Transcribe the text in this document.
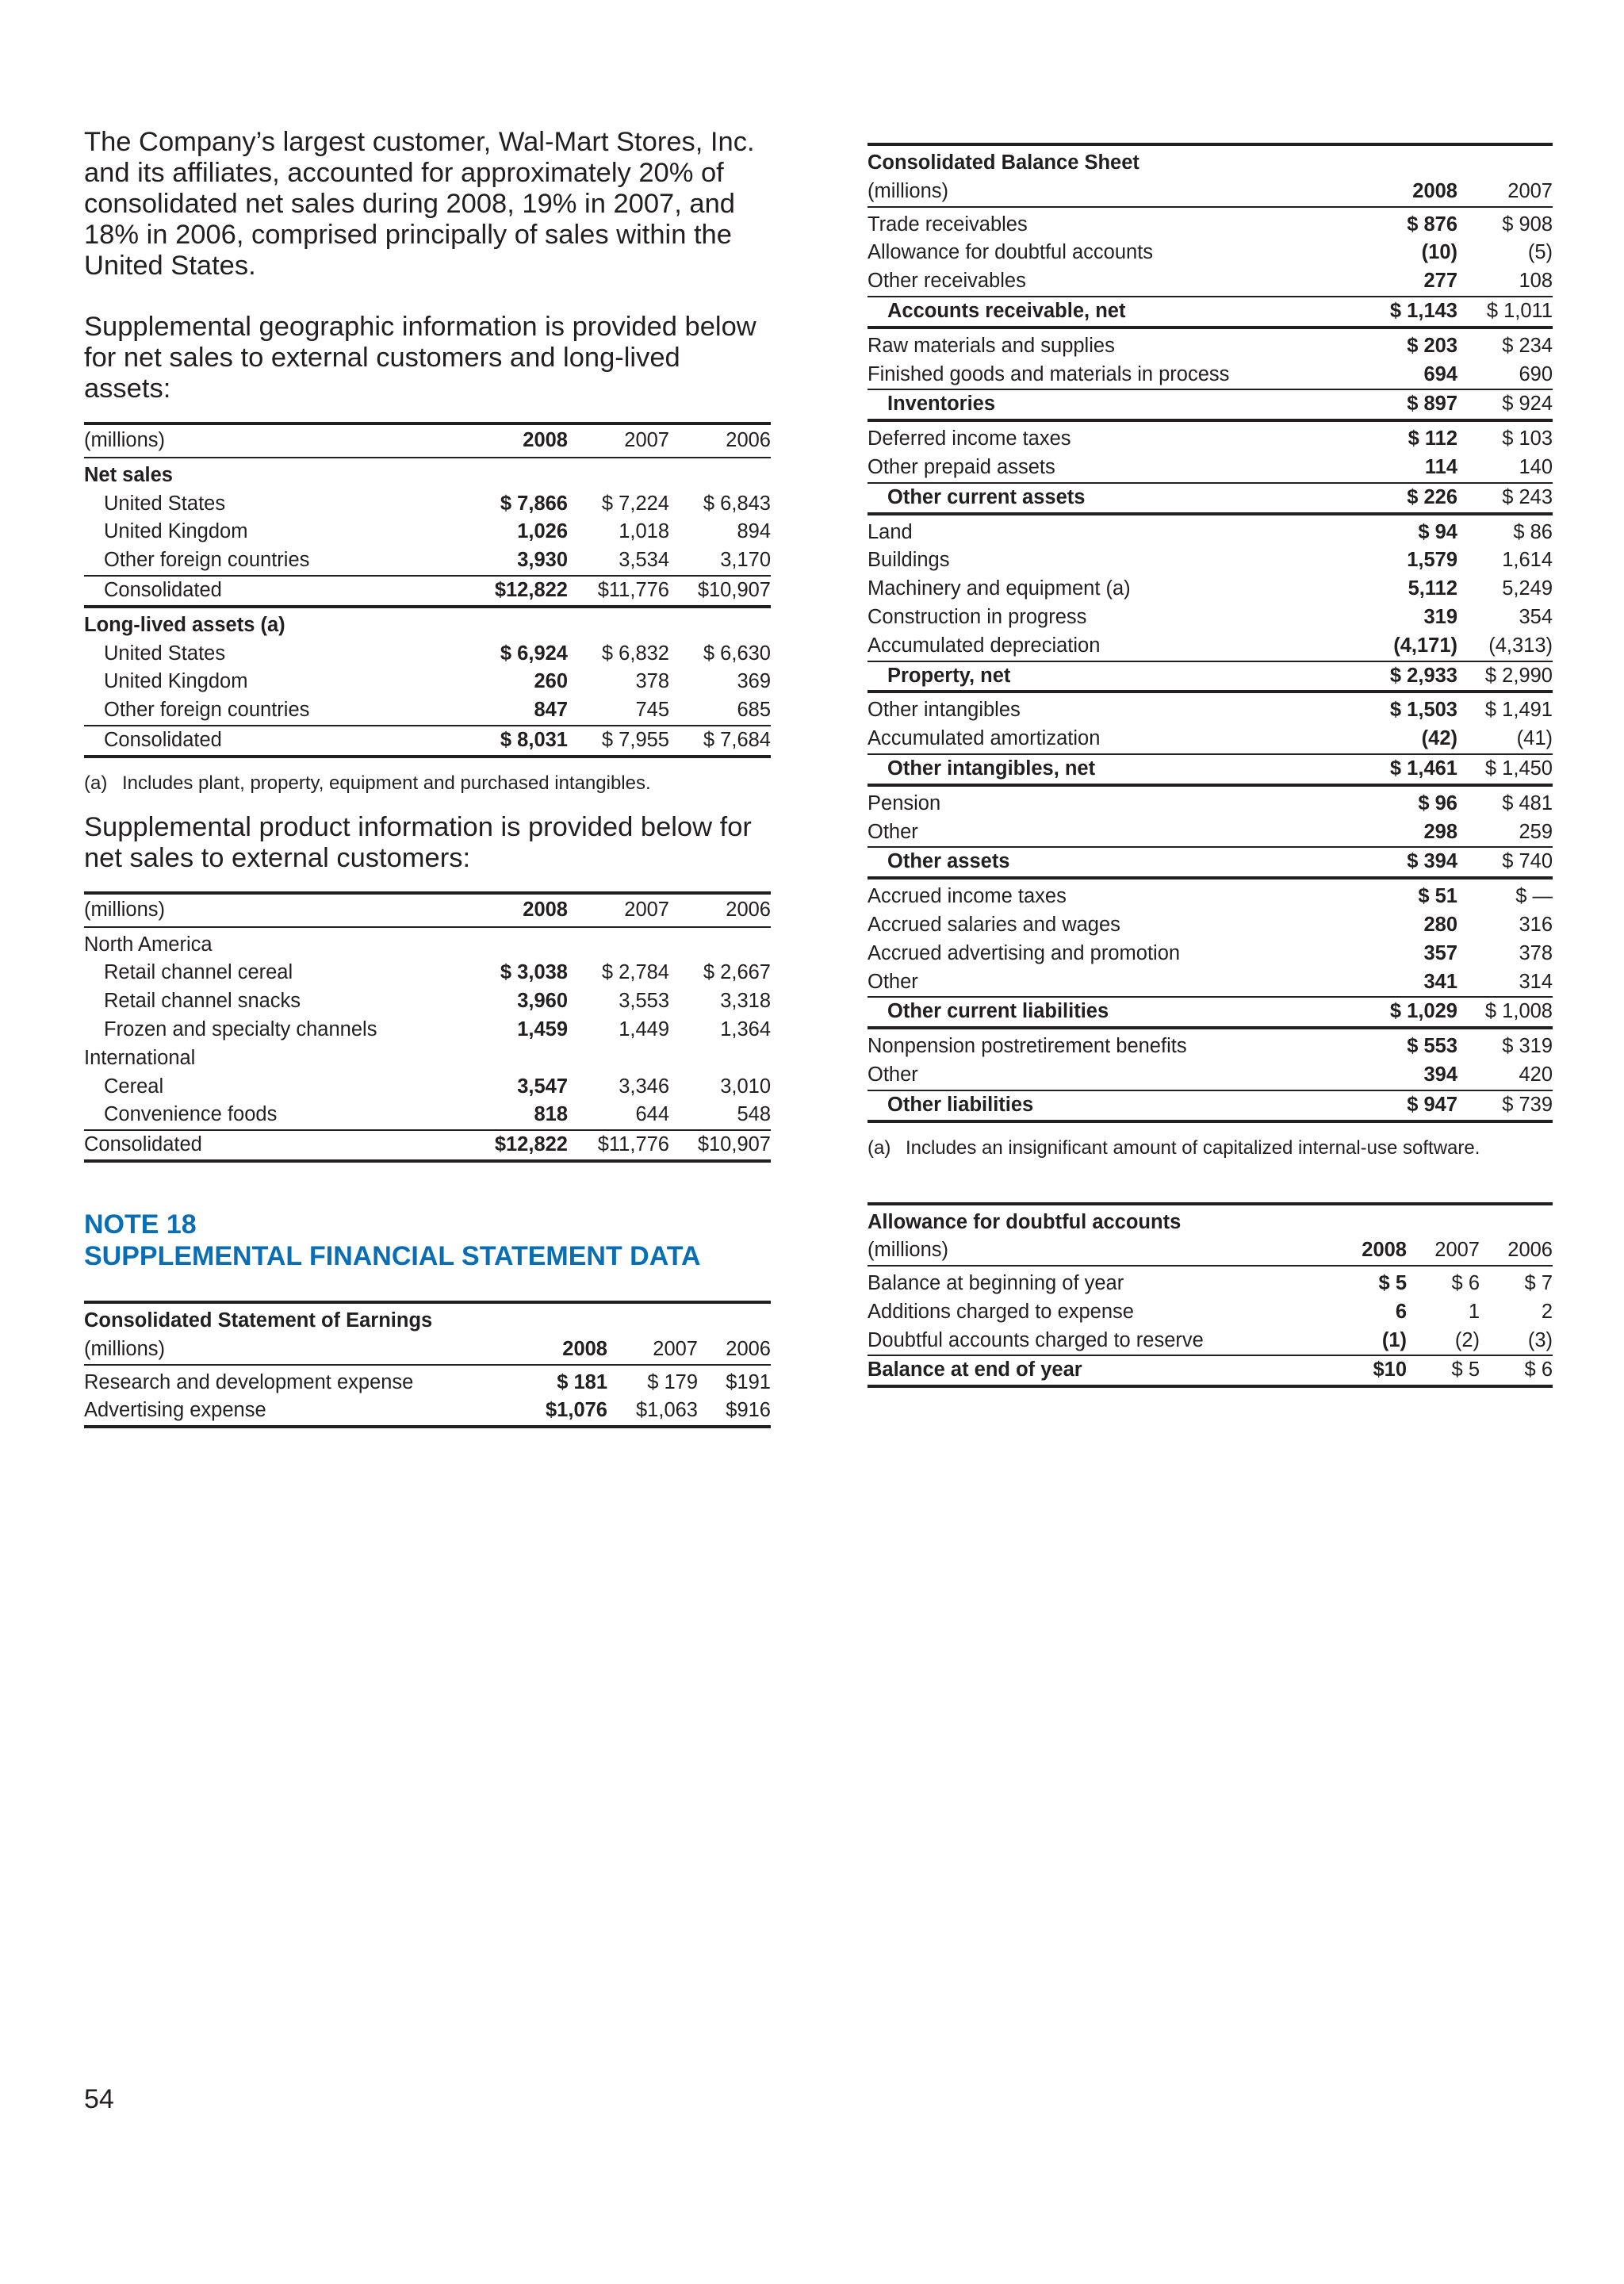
The Company’s largest customer, Wal-Mart Stores, Inc. and its affiliates, accounted for approximately 20% of consolidated net sales during 2008, 19% in 2007, and 18% in 2006, comprised principally of sales within the United States.

Supplemental geographic information is provided below for net sales to external customers and long-lived assets:

(millions)	2008	2007	2006
Net sales			
United States	$ 7,866	$ 7,224	$ 6,843
United Kingdom	1,026	1,018	894
Other foreign countries	3,930	3,534	3,170
Consolidated	$12,822	$11,776	$10,907
Long-lived assets (a)			
United States	$ 6,924	$ 6,832	$ 6,630
United Kingdom	260	378	369
Other foreign countries	847	745	685
Consolidated	$ 8,031	$ 7,955	$ 7,684

(a) Includes plant, property, equipment and purchased intangibles.

Supplemental product information is provided below for net sales to external customers:

(millions)	2008	2007	2006
North America			
Retail channel cereal	$ 3,038	$ 2,784	$ 2,667
Retail channel snacks	3,960	3,553	3,318
Frozen and specialty channels	1,459	1,449	1,364
International			
Cereal	3,547	3,346	3,010
Convenience foods	818	644	548
Consolidated	$12,822	$11,776	$10,907

NOTE 18

SUPPLEMENTAL FINANCIAL STATEMENT DATA

Consolidated Statement of Earnings			
(millions)	2008	2007	2006
Research and development expense	$ 181	$ 179	$191
Advertising expense	$1,076	$1,063	$916
Consolidated Balance Sheet		
(millions)	2008	2007
Trade receivables	$ 876	$ 908
Allowance for doubtful accounts	(10)	(5)
Other receivables	277	108
Accounts receivable, net	$ 1,143	$ 1,011
Raw materials and supplies	$ 203	$ 234
Finished goods and materials in process	694	690
Inventories	$ 897	$ 924
Deferred income taxes	$ 112	$ 103
Other prepaid assets	114	140
Other current assets	$ 226	$ 243
Land	$ 94	$ 86
Buildings	1,579	1,614
Machinery and equipment (a)	5,112	5,249
Construction in progress	319	354
Accumulated depreciation	(4,171)	(4,313)
Property, net	$ 2,933	$ 2,990
Other intangibles	$ 1,503	$ 1,491
Accumulated amortization	(42)	(41)
Other intangibles, net	$ 1,461	$ 1,450
Pension	$ 96	$ 481
Other	298	259
Other assets	$ 394	$ 740
Accrued income taxes	$ 51	$ —
Accrued salaries and wages	280	316
Accrued advertising and promotion	357	378
Other	341	314
Other current liabilities	$ 1,029	$ 1,008
Nonpension postretirement benefits	$ 553	$ 319
Other	394	420
Other liabilities	$ 947	$ 739

(a) Includes an insignificant amount of capitalized internal-use software.

Allowance for doubtful accounts			
(millions)	2008	2007	2006
Balance at beginning of year	$ 5	$ 6	$ 7
Additions charged to expense	6	1	2
Doubtful accounts charged to reserve	(1)	(2)	(3)
Balance at end of year	$10	$ 5	$ 6
54
